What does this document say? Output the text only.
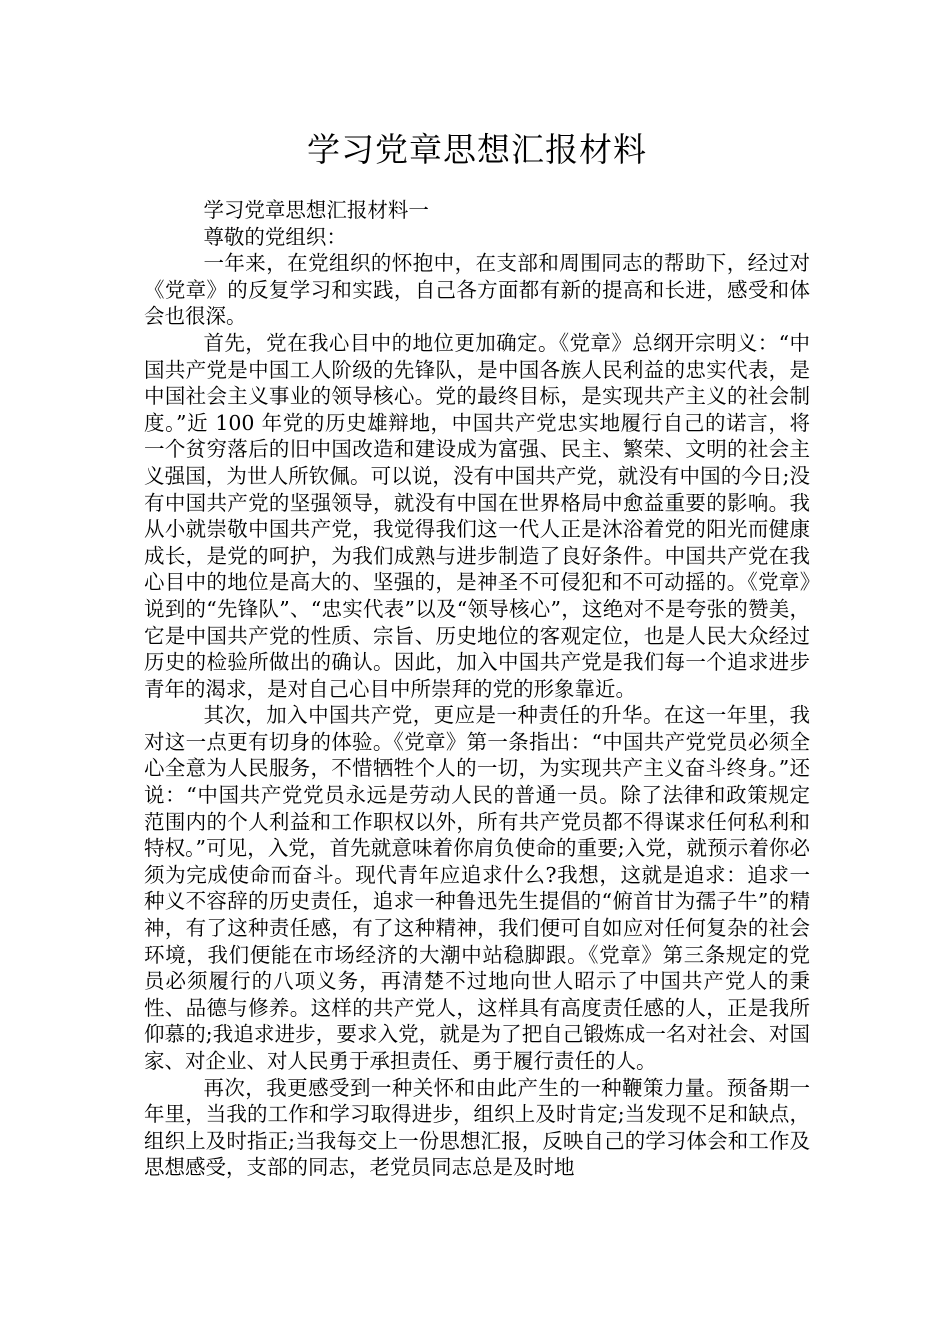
学习党章思想汇报材料

学习党章思想汇报材料一

尊敬的党组织：

一年来，在党组织的怀抱中，在支部和周围同志的帮助下，经过对《党章》的反复学习和实践，自己各方面都有新的提高和长进，感受和体会也很深。

首先，党在我心目中的地位更加确定。《党章》总纲开宗明义：“中国共产党是中国工人阶级的先锋队，是中国各族人民利益的忠实代表，是中国社会主义事业的领导核心。党的最终目标，是实现共产主义的社会制度。”近 100 年党的历史雄辩地，中国共产党忠实地履行自己的诺言，将一个贫穷落后的旧中国改造和建设成为富强、民主、繁荣、文明的社会主义强国，为世人所钦佩。可以说，没有中国共产党，就没有中国的今日;没有中国共产党的坚强领导，就没有中国在世界格局中愈益重要的影响。我从小就崇敬中国共产党，我觉得我们这一代人正是沐浴着党的阳光而健康成长，是党的呵护，为我们成熟与进步制造了良好条件。中国共产党在我心目中的地位是高大的、坚强的，是神圣不可侵犯和不可动摇的。《党章》说到的“先锋队”、“忠实代表”以及“领导核心”，这绝对不是夸张的赞美，它是中国共产党的性质、宗旨、历史地位的客观定位，也是人民大众经过历史的检验所做出的确认。因此，加入中国共产党是我们每一个追求进步青年的渴求，是对自己心目中所崇拜的党的形象靠近。

其次，加入中国共产党，更应是一种责任的升华。在这一年里，我对这一点更有切身的体验。《党章》第一条指出：“中国共产党党员必须全心全意为人民服务，不惜牺牲个人的一切，为实现共产主义奋斗终身。”还说：“中国共产党党员永远是劳动人民的普通一员。除了法律和政策规定范围内的个人利益和工作职权以外，所有共产党员都不得谋求任何私利和特权。”可见，入党，首先就意味着你肩负使命的重要;入党，就预示着你必须为完成使命而奋斗。现代青年应追求什么?我想，这就是追求：追求一种义不容辞的历史责任，追求一种鲁迅先生提倡的“俯首甘为孺子牛”的精神，有了这种责任感，有了这种精神，我们便可自如应对任何复杂的社会环境，我们便能在市场经济的大潮中站稳脚跟。《党章》第三条规定的党员必须履行的八项义务，再清楚不过地向世人昭示了中国共产党人的秉性、品德与修养。这样的共产党人，这样具有高度责任感的人，正是我所仰慕的;我追求进步，要求入党，就是为了把自己锻炼成一名对社会、对国家、对企业、对人民勇于承担责任、勇于履行责任的人。

再次，我更感受到一种关怀和由此产生的一种鞭策力量。预备期一年里，当我的工作和学习取得进步，组织上及时肯定;当发现不足和缺点，组织上及时指正;当我每交上一份思想汇报，反映自己的学习体会和工作及思想感受，支部的同志，老党员同志总是及时地
